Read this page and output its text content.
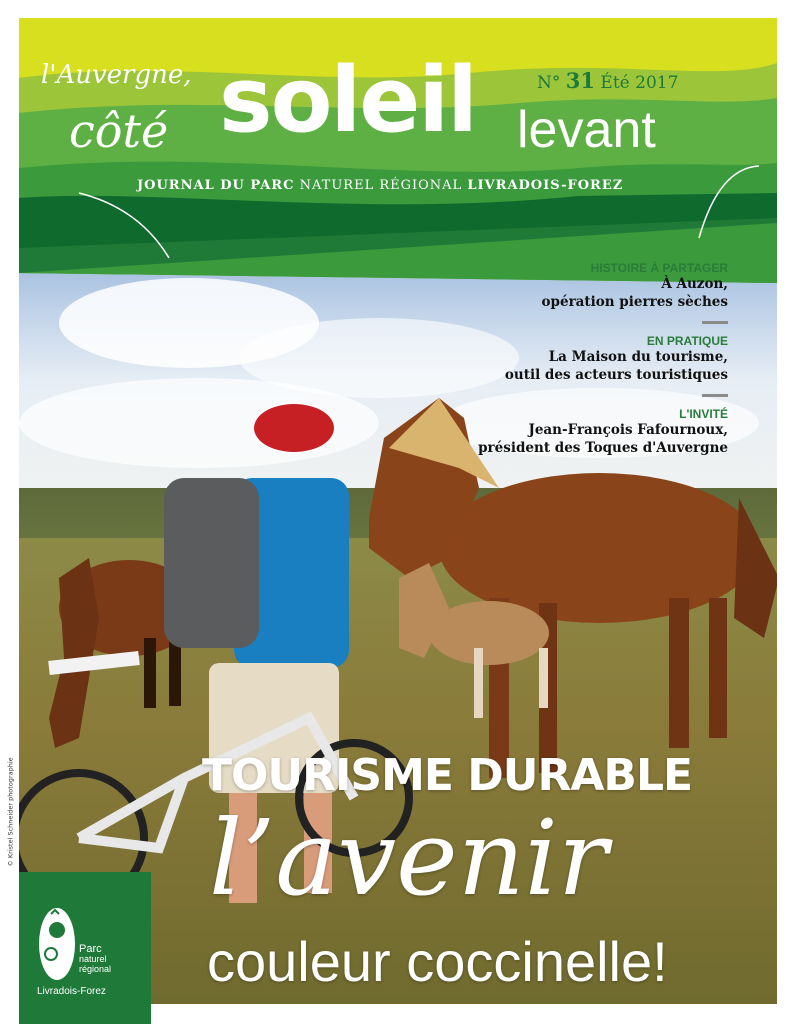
l'Auvergne,
côté soleil levant
N° 31 Été 2017
JOURNAL DU PARC NATUREL RÉGIONAL LIVRADOIS-FOREZ
HISTOIRE À PARTAGER
À Auzon,
opération pierres sèches
EN PRATIQUE
La Maison du tourisme,
outil des acteurs touristiques
L'INVITÉ
Jean-François Fafournoux,
président des Toques d'Auvergne
TOURISME DURABLE
l’avenir
couleur coccinelle!
© Kristel Schneider photographie
Parc
naturel
régional
Livradois-Forez
